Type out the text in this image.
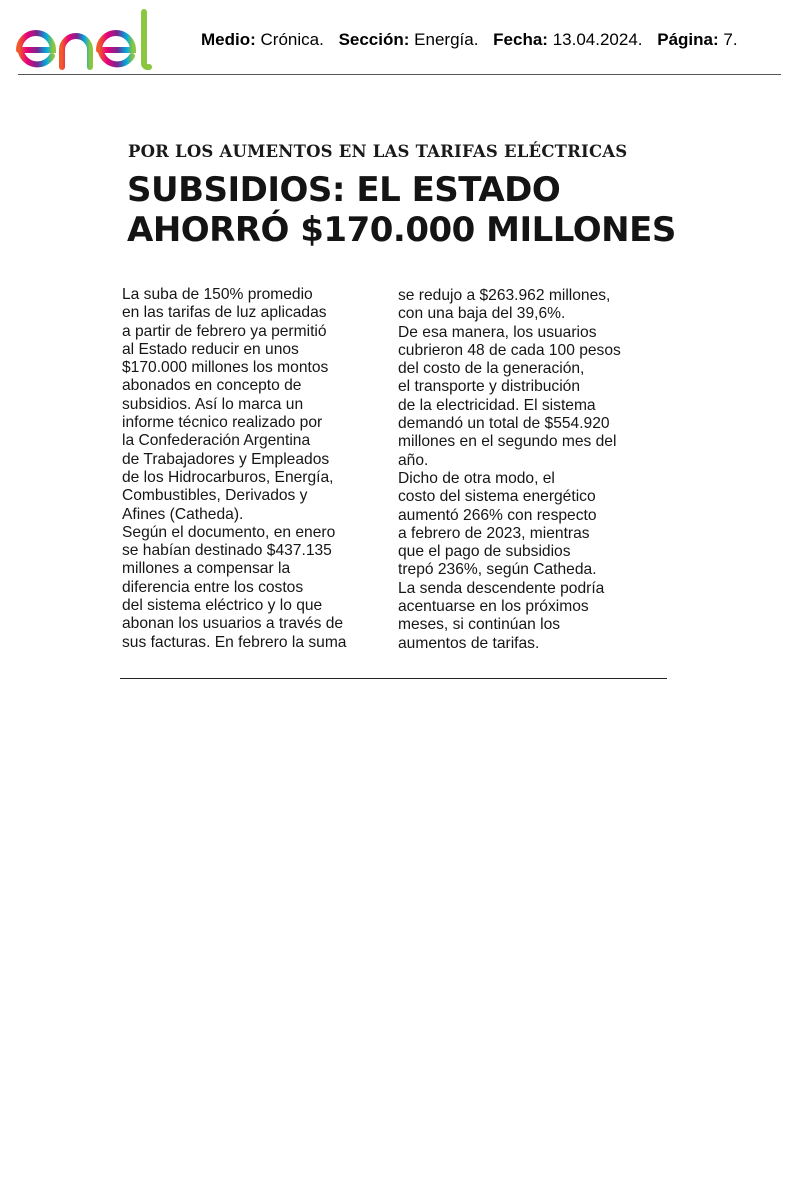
Medio: Crónica. Sección: Energía. Fecha: 13.04.2024. Página: 7.
POR LOS AUMENTOS EN LAS TARIFAS ELÉCTRICAS
SUBSIDIOS: EL ESTADO
AHORRÓ $170.000 MILLONES
La suba de 150% promedio
en las tarifas de luz aplicadas
a partir de febrero ya permitió
al Estado reducir en unos
$170.000 millones los montos
abonados en concepto de
subsidios. Así lo marca un
informe técnico realizado por
la Confederación Argentina
de Trabajadores y Empleados
de los Hidrocarburos, Energía,
Combustibles, Derivados y
Afines (Catheda).
Según el documento, en enero
se habían destinado $437.135
millones a compensar la
diferencia entre los costos
del sistema eléctrico y lo que
abonan los usuarios a través de
sus facturas. En febrero la suma
se redujo a $263.962 millones,
con una baja del 39,6%.
De esa manera, los usuarios
cubrieron 48 de cada 100 pesos
del costo de la generación,
el transporte y distribución
de la electricidad. El sistema
demandó un total de $554.920
millones en el segundo mes del
año.
Dicho de otra modo, el
costo del sistema energético
aumentó 266% con respecto
a febrero de 2023, mientras
que el pago de subsidios
trepó 236%, según Catheda.
La senda descendente podría
acentuarse en los próximos
meses, si continúan los
aumentos de tarifas.
